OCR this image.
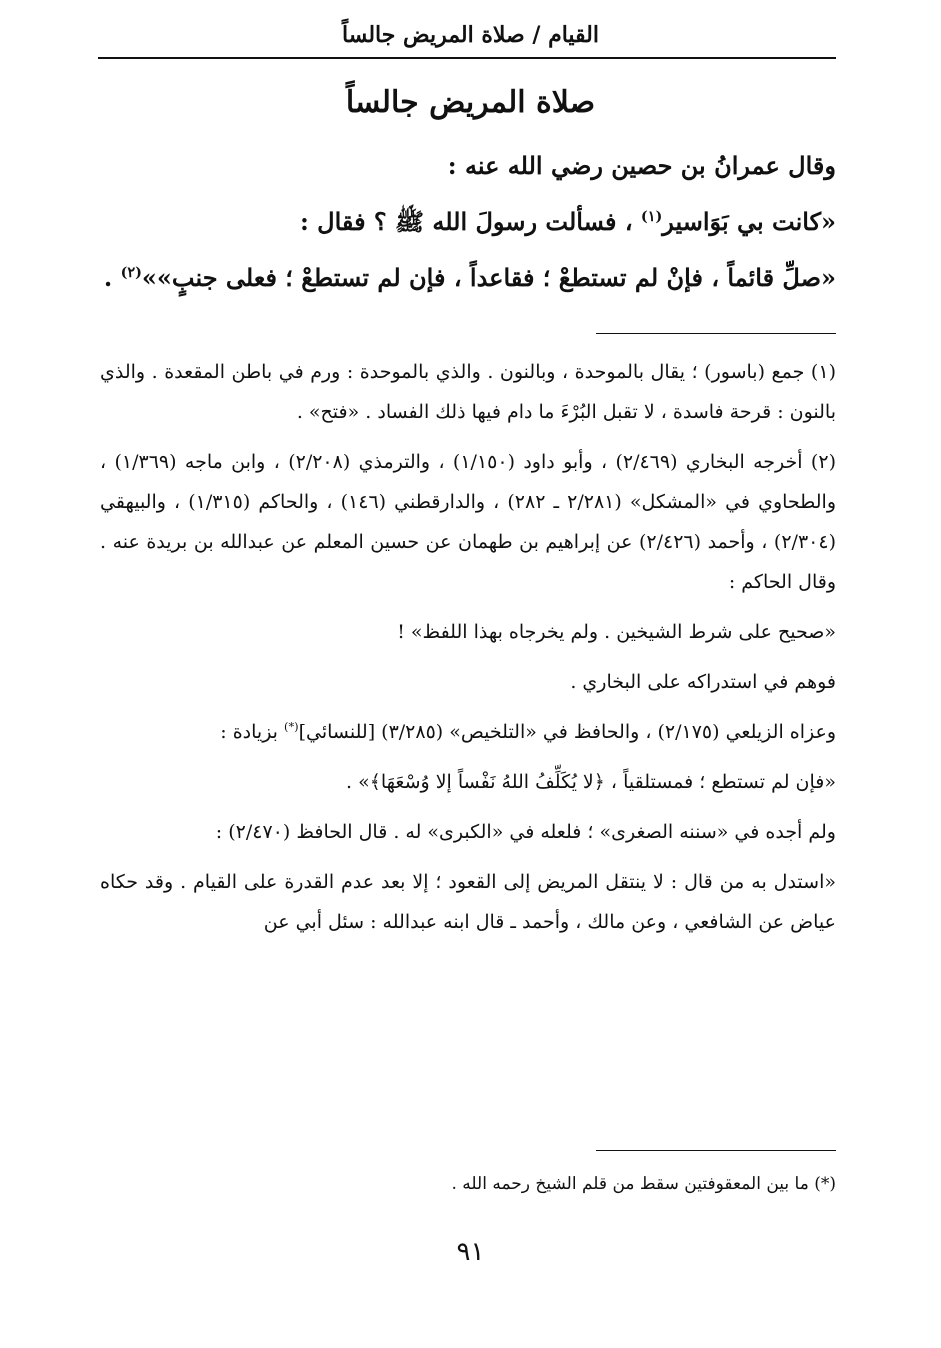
القيام / صلاة المريض جالساً
صلاة المريض جالساً

وقال عمرانُ بن حصين رضي الله عنه :

«كانت بي بَوَاسير$^{(١)}$ ، فسألت رسولَ الله ﷺ ؟ فقال :

«صلِّ قائماً ، فإنْ لم تستطعْ ؛ فقاعداً ، فإن لم تستطعْ ؛ فعلى جنبٍ»»$^{(٢)}$ .

(١) جمع (باسور) ؛ يقال بالموحدة ، وبالنون . والذي بالموحدة : ورم في باطن المقعدة . والذي بالنون : قرحة فاسدة ، لا تقبل البُرْءَ ما دام فيها ذلك الفساد . «فتح» .

(٢) أخرجه البخاري (٢/٤٦٩) ، وأبو داود (١/١٥٠) ، والترمذي (٢/٢٠٨) ، وابن ماجه (١/٣٦٩) ، والطحاوي في «المشكل» (٢/٢٨١ ـ ٢٨٢) ، والدارقطني (١٤٦) ، والحاكم (١/٣١٥) ، والبيهقي (٢/٣٠٤) ، وأحمد (٢/٤٢٦) عن إبراهيم بن طهمان عن حسين المعلم عن عبدالله بن بريدة عنه . وقال الحاكم :

«صحيح على شرط الشيخين . ولم يخرجاه بهذا اللفظ» !

فوهم في استدراكه على البخاري .

وعزاه الزيلعي (٢/١٧٥) ، والحافظ في «التلخيص» (٣/٢٨٥) [للنسائي](*) بزيادة :

«فإن لم تستطع ؛ فمستلقياً ، ﴿لا يُكَلِّفُ اللهُ نَفْساً إلا وُسْعَهَا﴾» .

ولم أجده في «سننه الصغرى» ؛ فلعله في «الكبرى» له . قال الحافظ (٢/٤٧٠) :

«استدل به من قال : لا ينتقل المريض إلى القعود ؛ إلا بعد عدم القدرة على القيام . وقد حكاه عياض عن الشافعي ، وعن مالك ، وأحمد ـ قال ابنه عبدالله : سئل أبي عن

(*) ما بين المعقوفتين سقط من قلم الشيخ رحمه الله .
٩١
